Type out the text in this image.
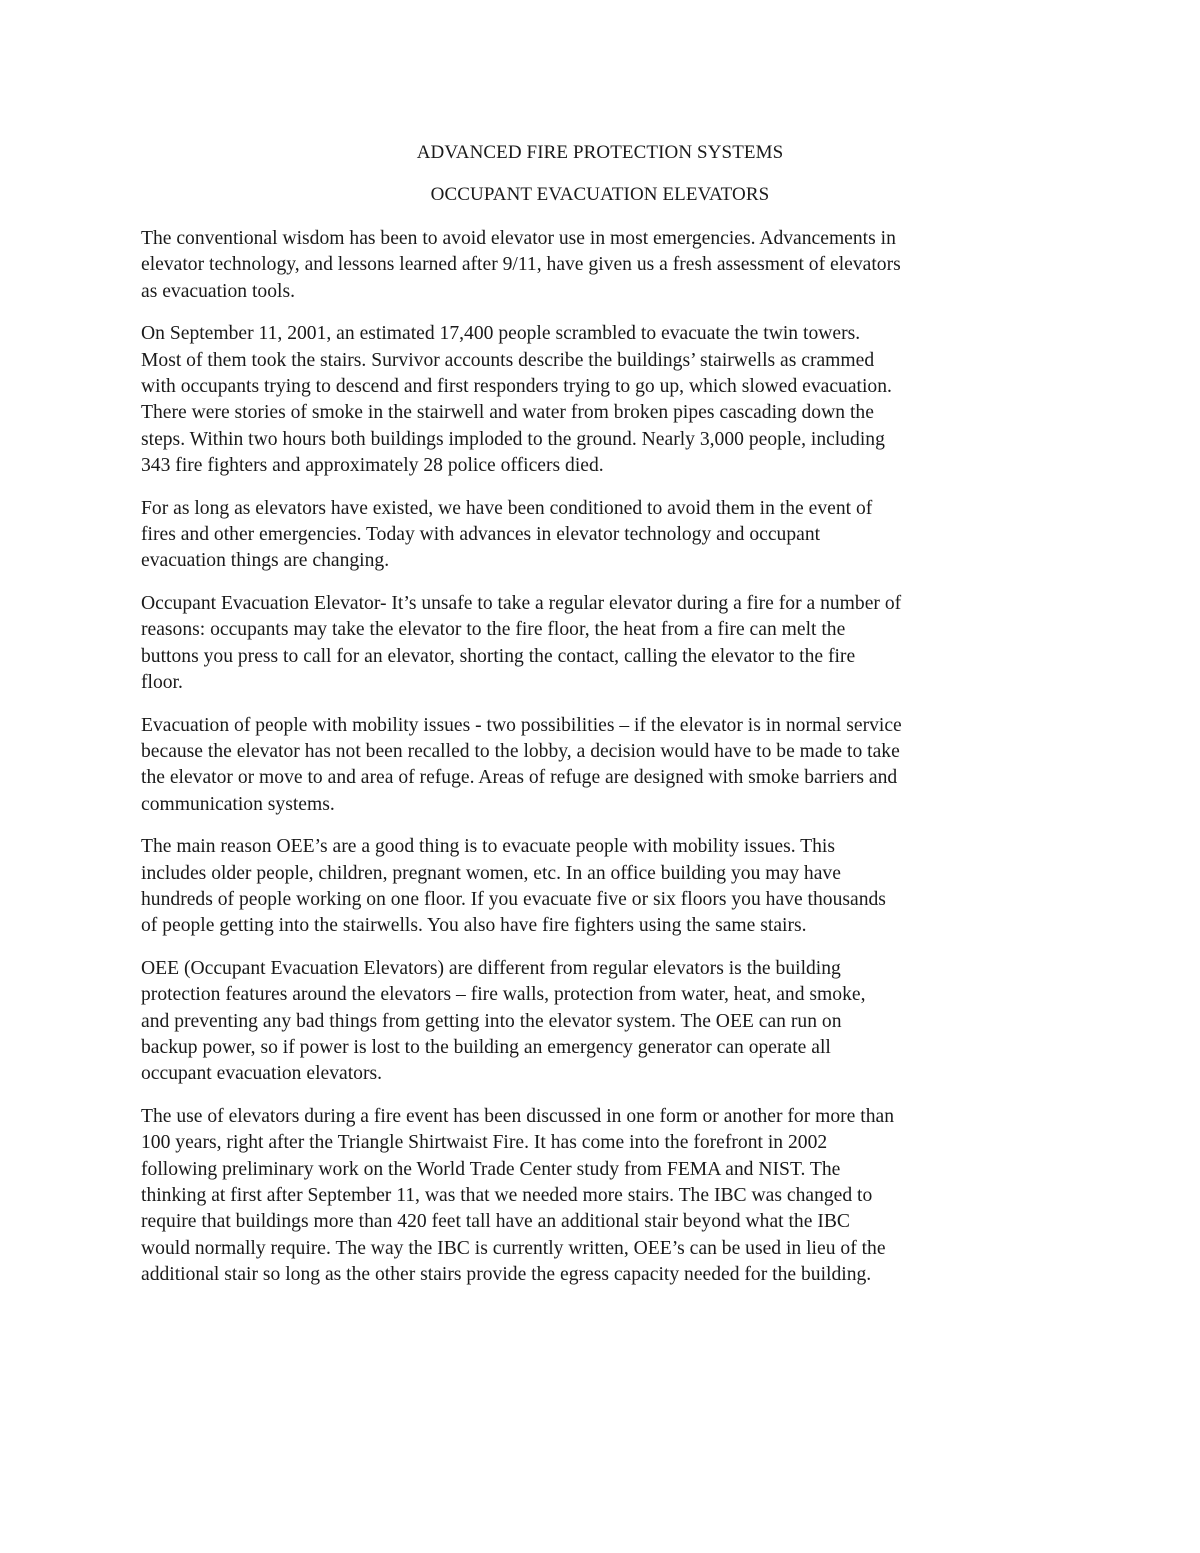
ADVANCED FIRE PROTECTION SYSTEMS
OCCUPANT EVACUATION ELEVATORS

The conventional wisdom has been to avoid elevator use in most emergencies. Advancements in
elevator technology, and lessons learned after 9/11, have given us a fresh assessment of elevators
as evacuation tools.

On September 11, 2001, an estimated 17,400 people scrambled to evacuate the twin towers.
Most of them took the stairs. Survivor accounts describe the buildings’ stairwells as crammed
with occupants trying to descend and first responders trying to go up, which slowed evacuation.
There were stories of smoke in the stairwell and water from broken pipes cascading down the
steps. Within two hours both buildings imploded to the ground. Nearly 3,000 people, including
343 fire fighters and approximately 28 police officers died.

For as long as elevators have existed, we have been conditioned to avoid them in the event of
fires and other emergencies. Today with advances in elevator technology and occupant
evacuation things are changing.

Occupant Evacuation Elevator- It’s unsafe to take a regular elevator during a fire for a number of
reasons: occupants may take the elevator to the fire floor, the heat from a fire can melt the
buttons you press to call for an elevator, shorting the contact, calling the elevator to the fire
floor.

Evacuation of people with mobility issues - two possibilities – if the elevator is in normal service
because the elevator has not been recalled to the lobby, a decision would have to be made to take
the elevator or move to and area of refuge. Areas of refuge are designed with smoke barriers and
communication systems.

The main reason OEE’s are a good thing is to evacuate people with mobility issues. This
includes older people, children, pregnant women, etc. In an office building you may have
hundreds of people working on one floor. If you evacuate five or six floors you have thousands
of people getting into the stairwells. You also have fire fighters using the same stairs.

OEE (Occupant Evacuation Elevators) are different from regular elevators is the building
protection features around the elevators – fire walls, protection from water, heat, and smoke,
and preventing any bad things from getting into the elevator system. The OEE can run on
backup power, so if power is lost to the building an emergency generator can operate all
occupant evacuation elevators.

The use of elevators during a fire event has been discussed in one form or another for more than
100 years, right after the Triangle Shirtwaist Fire. It has come into the forefront in 2002
following preliminary work on the World Trade Center study from FEMA and NIST. The
thinking at first after September 11, was that we needed more stairs. The IBC was changed to
require that buildings more than 420 feet tall have an additional stair beyond what the IBC
would normally require. The way the IBC is currently written, OEE’s can be used in lieu of the
additional stair so long as the other stairs provide the egress capacity needed for the building.
